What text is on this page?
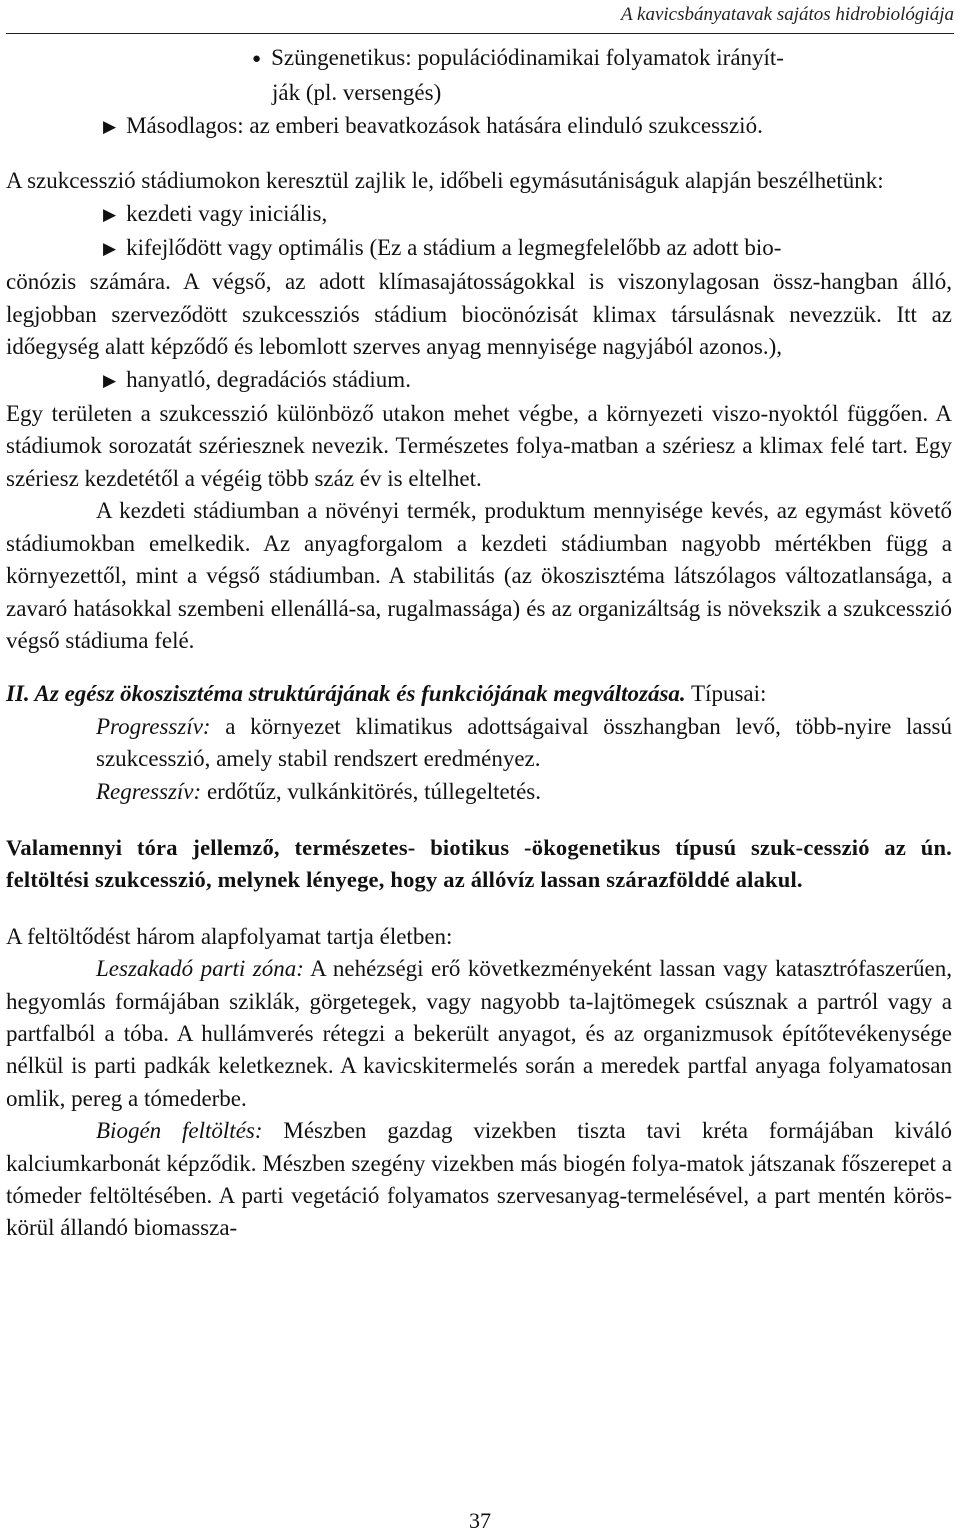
A kavicsbányatavak sajátos hidrobiológiája

● Szüngenetikus: populációdinamikai folyamatok irányít-
ják (pl. versengés)

▶ Másodlagos: az emberi beavatkozások hatására elinduló szukcesszió.

A szukcesszió stádiumokon keresztül zajlik le, időbeli egymásutániságuk alapján beszélhetünk:

▶ kezdeti vagy iniciális,

▶ kifejlődött vagy optimális (Ez a stádium a legmegfelelőbb az adott bio-

cönózis számára. A végső, az adott klímasajátosságokkal is viszonylagosan össz-hangban álló, legjobban szerveződött szukcessziós stádium biocönózisát klimax társulásnak nevezzük. Itt az időegység alatt képződő és lebomlott szerves anyag mennyisége nagyjából azonos.),

▶ hanyatló, degradációs stádium.

Egy területen a szukcesszió különböző utakon mehet végbe, a környezeti viszo-nyoktól függően. A stádiumok sorozatát szériesznek nevezik. Természetes folya-matban a szériesz a klimax felé tart. Egy szériesz kezdetétől a végéig több száz év is eltelhet.

A kezdeti stádiumban a növényi termék, produktum mennyisége kevés, az egymást követő stádiumokban emelkedik. Az anyagforgalom a kezdeti stádiumban nagyobb mértékben függ a környezettől, mint a végső stádiumban. A stabilitás (az ökoszisztéma látszólagos változatlansága, a zavaró hatásokkal szembeni ellenállá-sa, rugalmassága) és az organizáltság is növekszik a szukcesszió végső stádiuma felé.

II. Az egész ökoszisztéma struktúrájának és funkciójának megváltozása. Típusai:

Progresszív: a környezet klimatikus adottságaival összhangban levő, több-nyire lassú szukcesszió, amely stabil rendszert eredményez.

Regresszív: erdőtűz, vulkánkitörés, túllegeltetés.

Valamennyi tóra jellemző, természetes- biotikus -ökogenetikus típusú szuk-cesszió az ún. feltöltési szukcesszió, melynek lényege, hogy az állóvíz lassan szárazfölddé alakul.

A feltöltődést három alapfolyamat tartja életben:

Leszakadó parti zóna: A nehézségi erő következményeként lassan vagy katasztrófaszerűen, hegyomlás formájában sziklák, görgetegek, vagy nagyobb ta-lajtömegek csúsznak a partról vagy a partfalból a tóba. A hullámverés rétegzi a bekerült anyagot, és az organizmusok építőtevékenysége nélkül is parti padkák keletkeznek. A kavicskitermelés során a meredek partfal anyaga folyamatosan omlik, pereg a tómederbe.

Biogén feltöltés: Mészben gazdag vizekben tiszta tavi kréta formájában kiváló kalciumkarbonát képződik. Mészben szegény vizekben más biogén folya-matok játszanak főszerepet a tómeder feltöltésében. A parti vegetáció folyamatos szervesanyag-termelésével, a part mentén körös-körül állandó biomassza-

37
